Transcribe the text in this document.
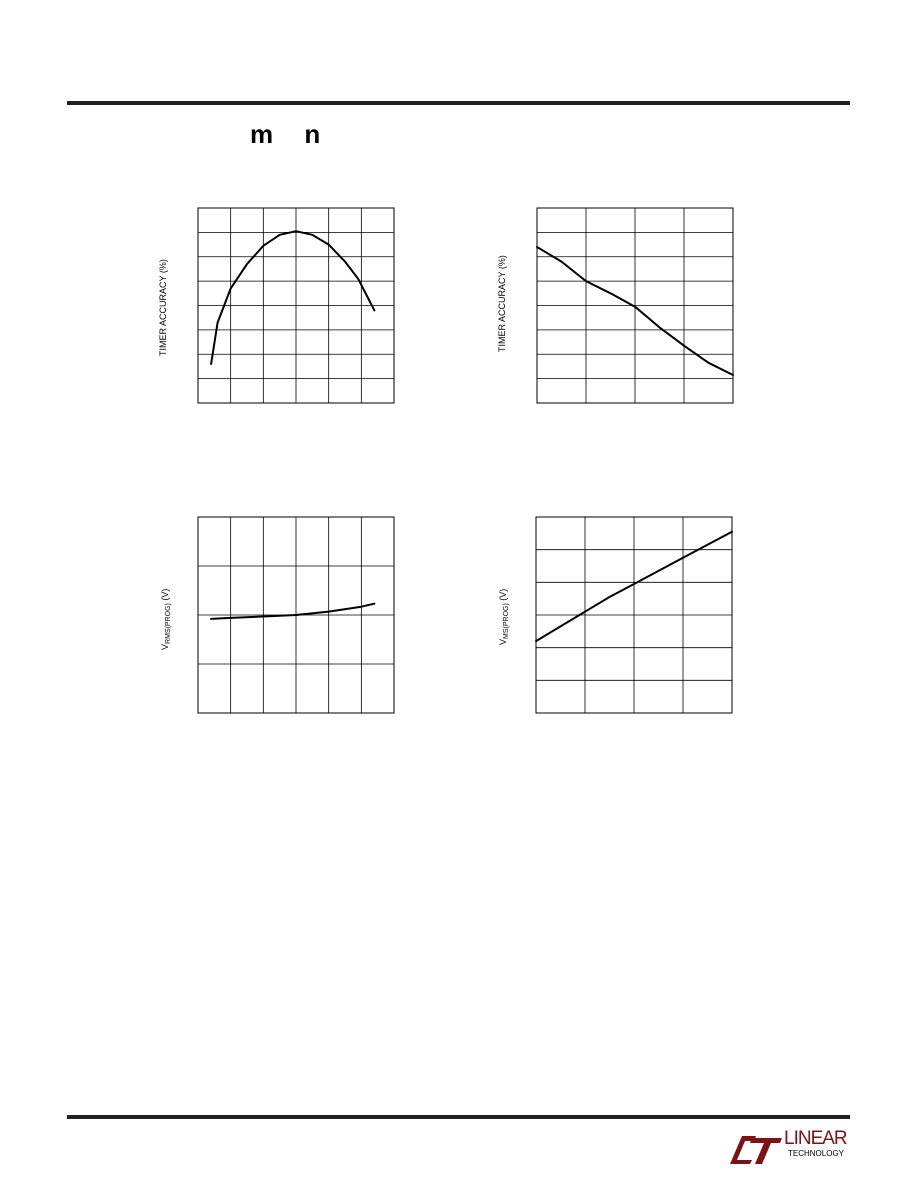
m n
TIMER ACCURACY (%)	TIMER ACCURACY (%)
$V_{RMS(PROG)}$ (V)
$V_{MS(PROG)}$ (V)
LINEAR
TECHNOLOGY
